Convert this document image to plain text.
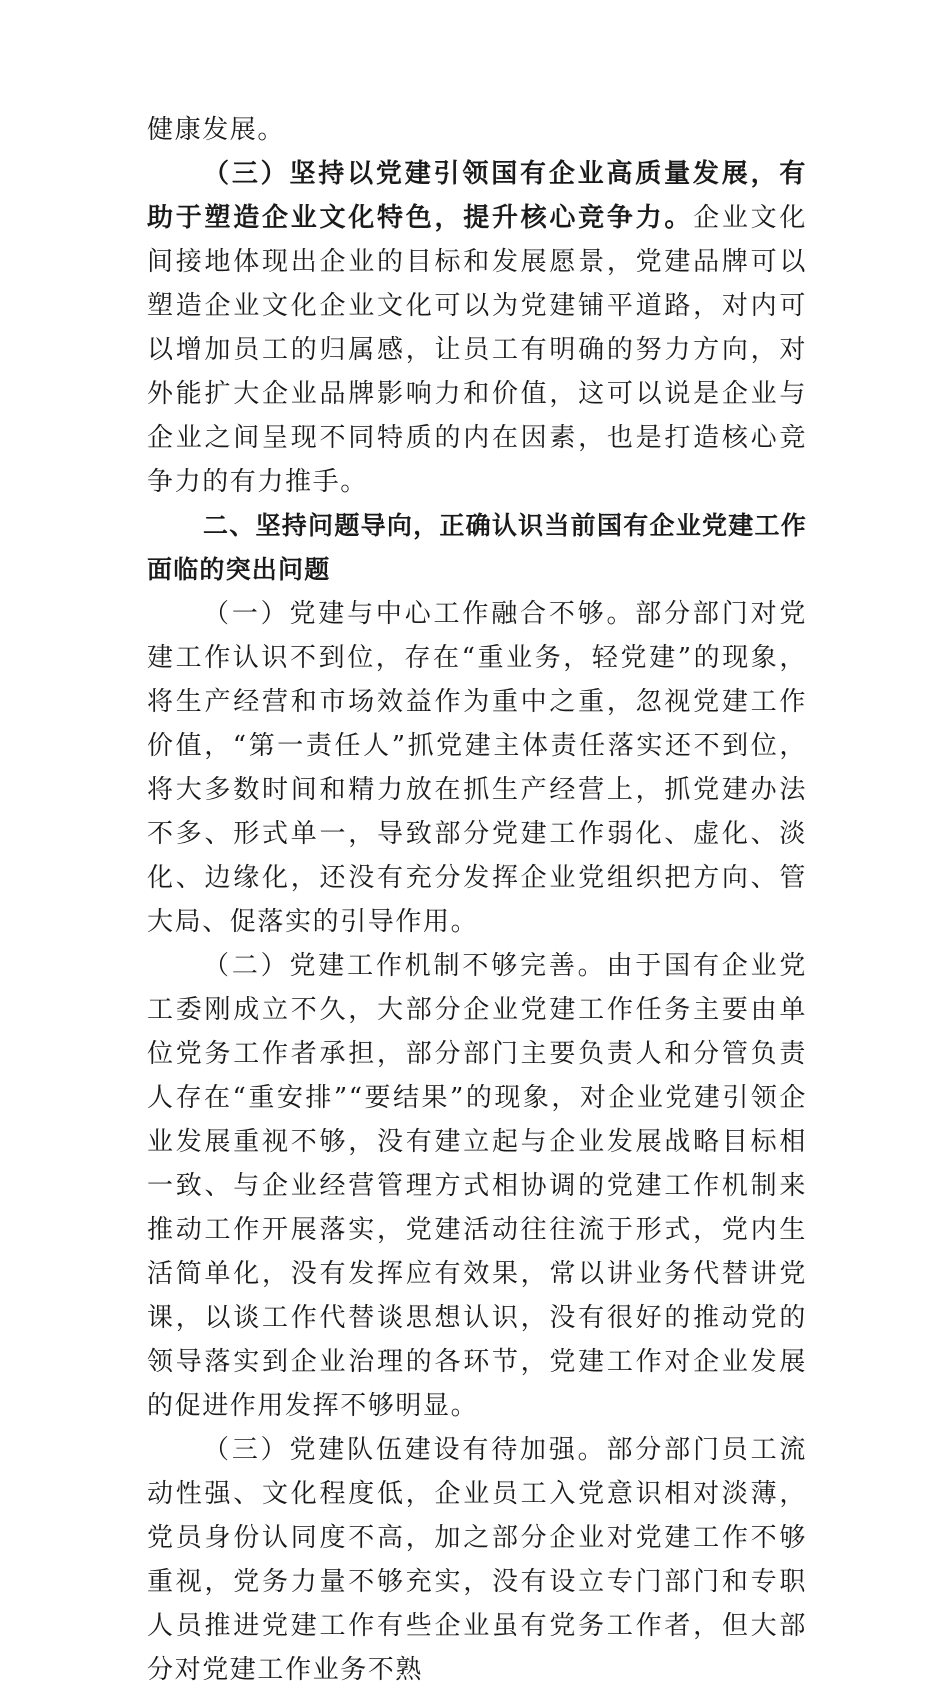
健康发展。

（三）坚持以党建引领国有企业高质量发展，有助于塑造企业文化特色，提升核心竞争力。企业文化间接地体现出企业的目标和发展愿景，党建品牌可以塑造企业文化企业文化可以为党建铺平道路，对内可以增加员工的归属感，让员工有明确的努力方向，对外能扩大企业品牌影响力和价值，这可以说是企业与企业之间呈现不同特质的内在因素，也是打造核心竞争力的有力推手。

二、坚持问题导向，正确认识当前国有企业党建工作面临的突出问题

（一）党建与中心工作融合不够。部分部门对党建工作认识不到位，存在“重业务，轻党建”的现象，将生产经营和市场效益作为重中之重，忽视党建工作价值，“第一责任人”抓党建主体责任落实还不到位，将大多数时间和精力放在抓生产经营上，抓党建办法不多、形式单一，导致部分党建工作弱化、虚化、淡化、边缘化，还没有充分发挥企业党组织把方向、管大局、促落实的引导作用。

（二）党建工作机制不够完善。由于国有企业党工委刚成立不久，大部分企业党建工作任务主要由单位党务工作者承担，部分部门主要负责人和分管负责人存在“重安排”“要结果”的现象，对企业党建引领企业发展重视不够，没有建立起与企业发展战略目标相一致、与企业经营管理方式相协调的党建工作机制来推动工作开展落实，党建活动往往流于形式，党内生活简单化，没有发挥应有效果，常以讲业务代替讲党课，以谈工作代替谈思想认识，没有很好的推动党的领导落实到企业治理的各环节，党建工作对企业发展的促进作用发挥不够明显。

（三）党建队伍建设有待加强。部分部门员工流动性强、文化程度低，企业员工入党意识相对淡薄，党员身份认同度不高，加之部分企业对党建工作不够重视，党务力量不够充实，没有设立专门部门和专职人员推进党建工作有些企业虽有党务工作者，但大部分对党建工作业务不熟
